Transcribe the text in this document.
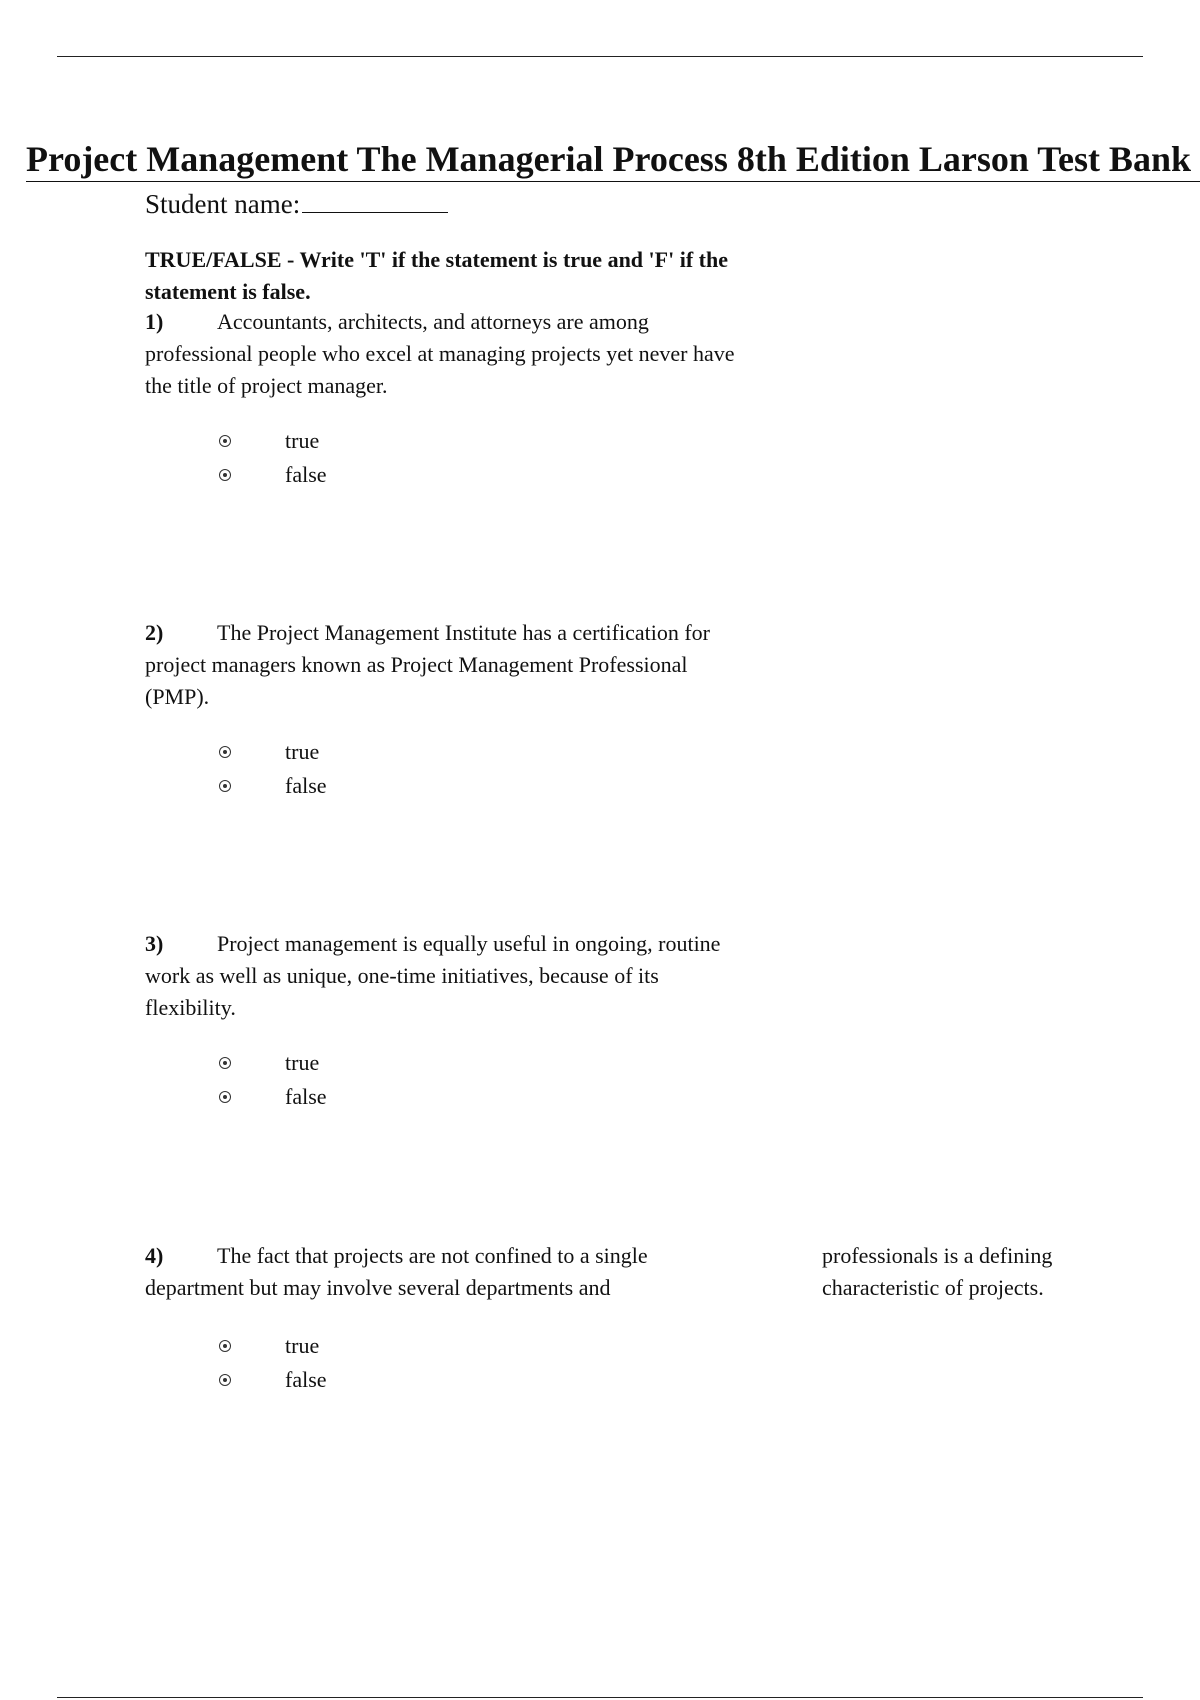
Project Management The Managerial Process 8th Edition Larson Test Bank
Student name:
TRUE/FALSE - Write 'T' if the statement is true and 'F' if the statement is false.
1) Accountants, architects, and attorneys are among professional people who excel at managing projects yet never have the title of project manager.
true
false
2) The Project Management Institute has a certification for project managers known as Project Management Professional (PMP).
true
false
3) Project management is equally useful in ongoing, routine work as well as unique, one-time initiatives, because of its flexibility.
true
false
4) The fact that projects are not confined to a single department but may involve several departments and
professionals is a defining characteristic of projects.
true
false
